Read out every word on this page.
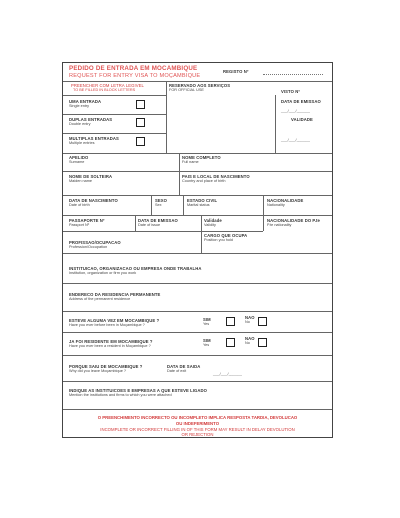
PEDIDO DE ENTRADA EM MOCAMBIQUE
REQUEST FOR ENTRY VISA TO MOÇAMBIQUE
REGISTO Nº
PREENCHER COM LETRA LEGIVEL
TO BE FILLED IN BLOCK LETTERS
RESERVADO AOS SERVIÇOS
FOR OFFICIAL USE	VISTO Nº
UMA ENTRADA
Single entry
DUPLAS ENTRADAS
Double entry
MULTIPLAS ENTRADAS
Multiple entries
DATA DE EMISSAO
___/___/______
VALIDADE
___/___/______
APELIDO
Surname
NOME COMPLETO
Full name
NOME DE SOLTEIRA
Maiden name
PAIS E LOCAL DE NASCIMENTO
Country and place of birth
DATA DE NASCIMENTO
Date of birth
SEXO
Sex
ESTADO CIVIL
Marital status
NACIONALIDADE
Nationality
PASSAPORTE Nº
Passport Nº
DATA DE EMISSAO
Date of issue
Validade
Validity
NACIONALIDADE DO P.te
P.te nationality
PROFISSAO/OCUPACAO
Profession/Occupation
CARGO QUE OCUPA
Position you hold
INSTITUICAO, ORGANIZACAO OU EMPRESA ONDE TRABALHA
Institution, organization or firm you work
ENDERECO DA RESIDENCIA PERMANENTE
Address of the permanent residence
ESTEVE ALGUMA VEZ EM MOCAMBIQUE ?
Have you ever before been in Moçambique ?
SIM
Yes
NAO
No
JA FOI RESIDENTE EM MOCAMBIQUE ?
Have you ever been a resident in Moçambique ?
SIM
Yes
NAO
No
PORQUE SAIU DE MOCAMBIQUE ?
Why did you leave Moçambique ?
DATA DE SAIDA
Date of exit	___/___/______
INDIQUE AS INSTITUICOES E EMPRESAS A QUE ESTEVE LIGADO
Mention the institutions and firms to which you were attached
O PREENCHIMENTO INCORRECTO OU INCOMPLETO IMPLICA RESPOSTA TARDIA, DEVOLUCAO
OU INDEFERIMENTO
INCOMPLETE OR INCORRECT FILLING IN OF THIS FORM MAY RESULT IN DELAY DEVOLUTION
OR REJECTION
